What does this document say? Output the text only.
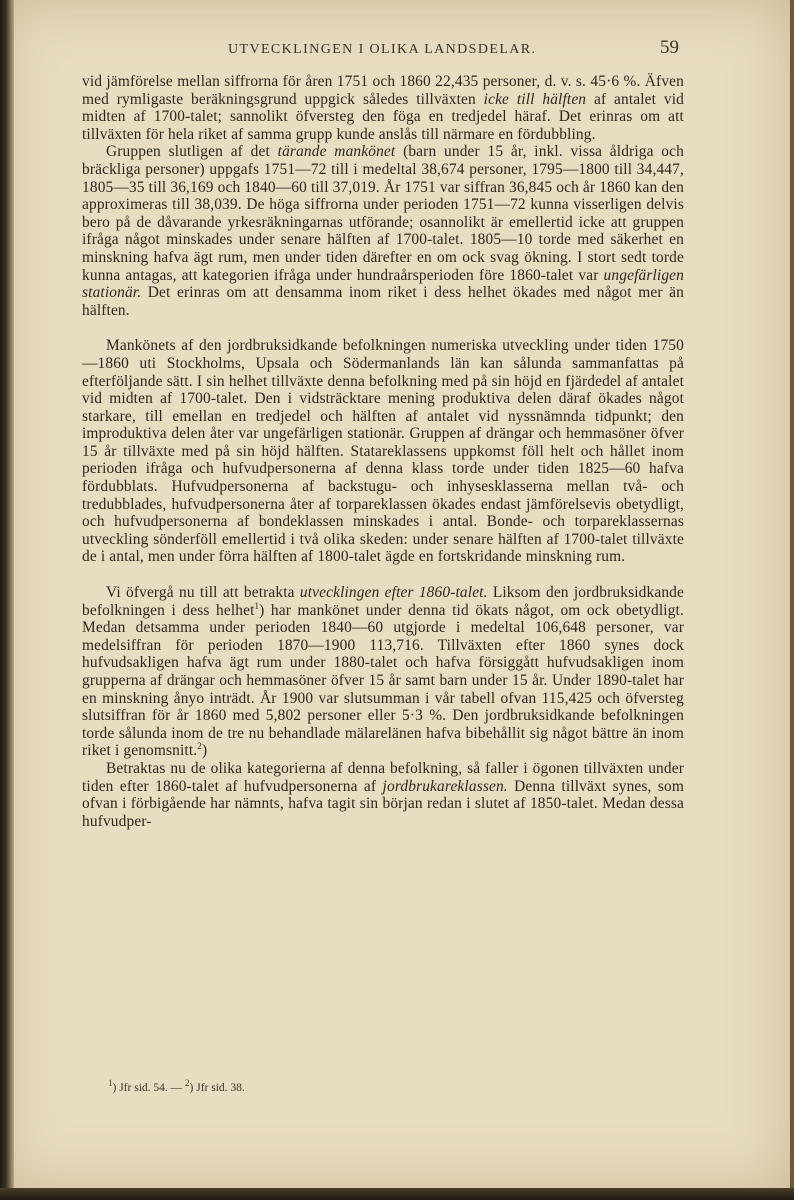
UTVECKLINGEN I OLIKA LANDSDELAR.	59

vid jämförelse mellan siffrorna för åren 1751 och 1860 22,435 personer, d. v. s. 45·6 %. Äfven med rymligaste beräkningsgrund uppgick således tillväxten icke till hälften af antalet vid midten af 1700-talet; sannolikt öfversteg den föga en tredjedel häraf. Det erinras om att tillväxten för hela riket af samma grupp kunde anslås till närmare en fördubbling.

Gruppen slutligen af det tärande mankönet (barn under 15 år, inkl. vissa åldriga och bräckliga personer) uppgafs 1751—72 till i medeltal 38,674 personer, 1795—1800 till 34,447, 1805—35 till 36,169 och 1840—60 till 37,019. År 1751 var siffran 36,845 och år 1860 kan den approximeras till 38,039. De höga siffrorna under perioden 1751—72 kunna visserligen delvis bero på de dåvarande yrkesräkningarnas utförande; osannolikt är emellertid icke att gruppen ifråga något minskades under senare hälften af 1700-talet. 1805—10 torde med säkerhet en minskning hafva ägt rum, men under tiden därefter en om ock svag ökning. I stort sedt torde kunna antagas, att kategorien ifråga under hundraårsperioden före 1860-talet var ungefärligen stationär. Det erinras om att densamma inom riket i dess helhet ökades med något mer än hälften.

Mankönets af den jordbruksidkande befolkningen numeriska utveckling under tiden 1750—1860 uti Stockholms, Upsala och Södermanlands län kan sålunda sammanfattas på efterföljande sätt. I sin helhet tillväxte denna befolkning med på sin höjd en fjärdedel af antalet vid midten af 1700-talet. Den i vidsträcktare mening produktiva delen däraf ökades något starkare, till emellan en tredjedel och hälften af antalet vid nyssnämnda tidpunkt; den improduktiva delen åter var ungefärligen stationär. Gruppen af drängar och hemmasöner öfver 15 år tillväxte med på sin höjd hälften. Statareklassens uppkomst föll helt och hållet inom perioden ifråga och hufvudpersonerna af denna klass torde under tiden 1825—60 hafva fördubblats. Hufvudpersonerna af backstugu- och inhysesklasserna mellan två- och tredubblades, hufvudpersonerna åter af torpareklassen ökades endast jämförelsevis obetydligt, och hufvudpersonerna af bondeklassen minskades i antal. Bonde- och torpareklassernas utveckling sönderföll emellertid i två olika skeden: under senare hälften af 1700-talet tillväxte de i antal, men under förra hälften af 1800-talet ägde en fortskridande minskning rum.

Vi öfvergå nu till att betrakta utvecklingen efter 1860-talet. Liksom den jordbruksidkande befolkningen i dess helhet$^1$) har mankönet under denna tid ökats något, om ock obetydligt. Medan detsamma under perioden 1840—60 utgjorde i medeltal 106,648 personer, var medelsiffran för perioden 1870—1900 113,716. Tillväxten efter 1860 synes dock hufvudsakligen hafva ägt rum under 1880-talet och hafva försiggått hufvudsakligen inom grupperna af drängar och hemmasöner öfver 15 år samt barn under 15 år. Under 1890-talet har en minskning ånyo inträdt. År 1900 var slutsumman i vår tabell ofvan 115,425 och öfversteg slutsiffran för år 1860 med 5,802 personer eller 5·3 %. Den jordbruksidkande befolkningen torde sålunda inom de tre nu behandlade mälarelänen hafva bibehållit sig något bättre än inom riket i genomsnitt.$^2$)

Betraktas nu de olika kategorierna af denna befolkning, så faller i ögonen tillväxten under tiden efter 1860-talet af hufvudpersonerna af jordbrukareklassen. Denna tillväxt synes, som ofvan i förbigående har nämnts, hafva tagit sin början redan i slutet af 1850-talet. Medan dessa hufvudper-

$^1$) Jfr sid. 54. — $^2$) Jfr sid. 38.
